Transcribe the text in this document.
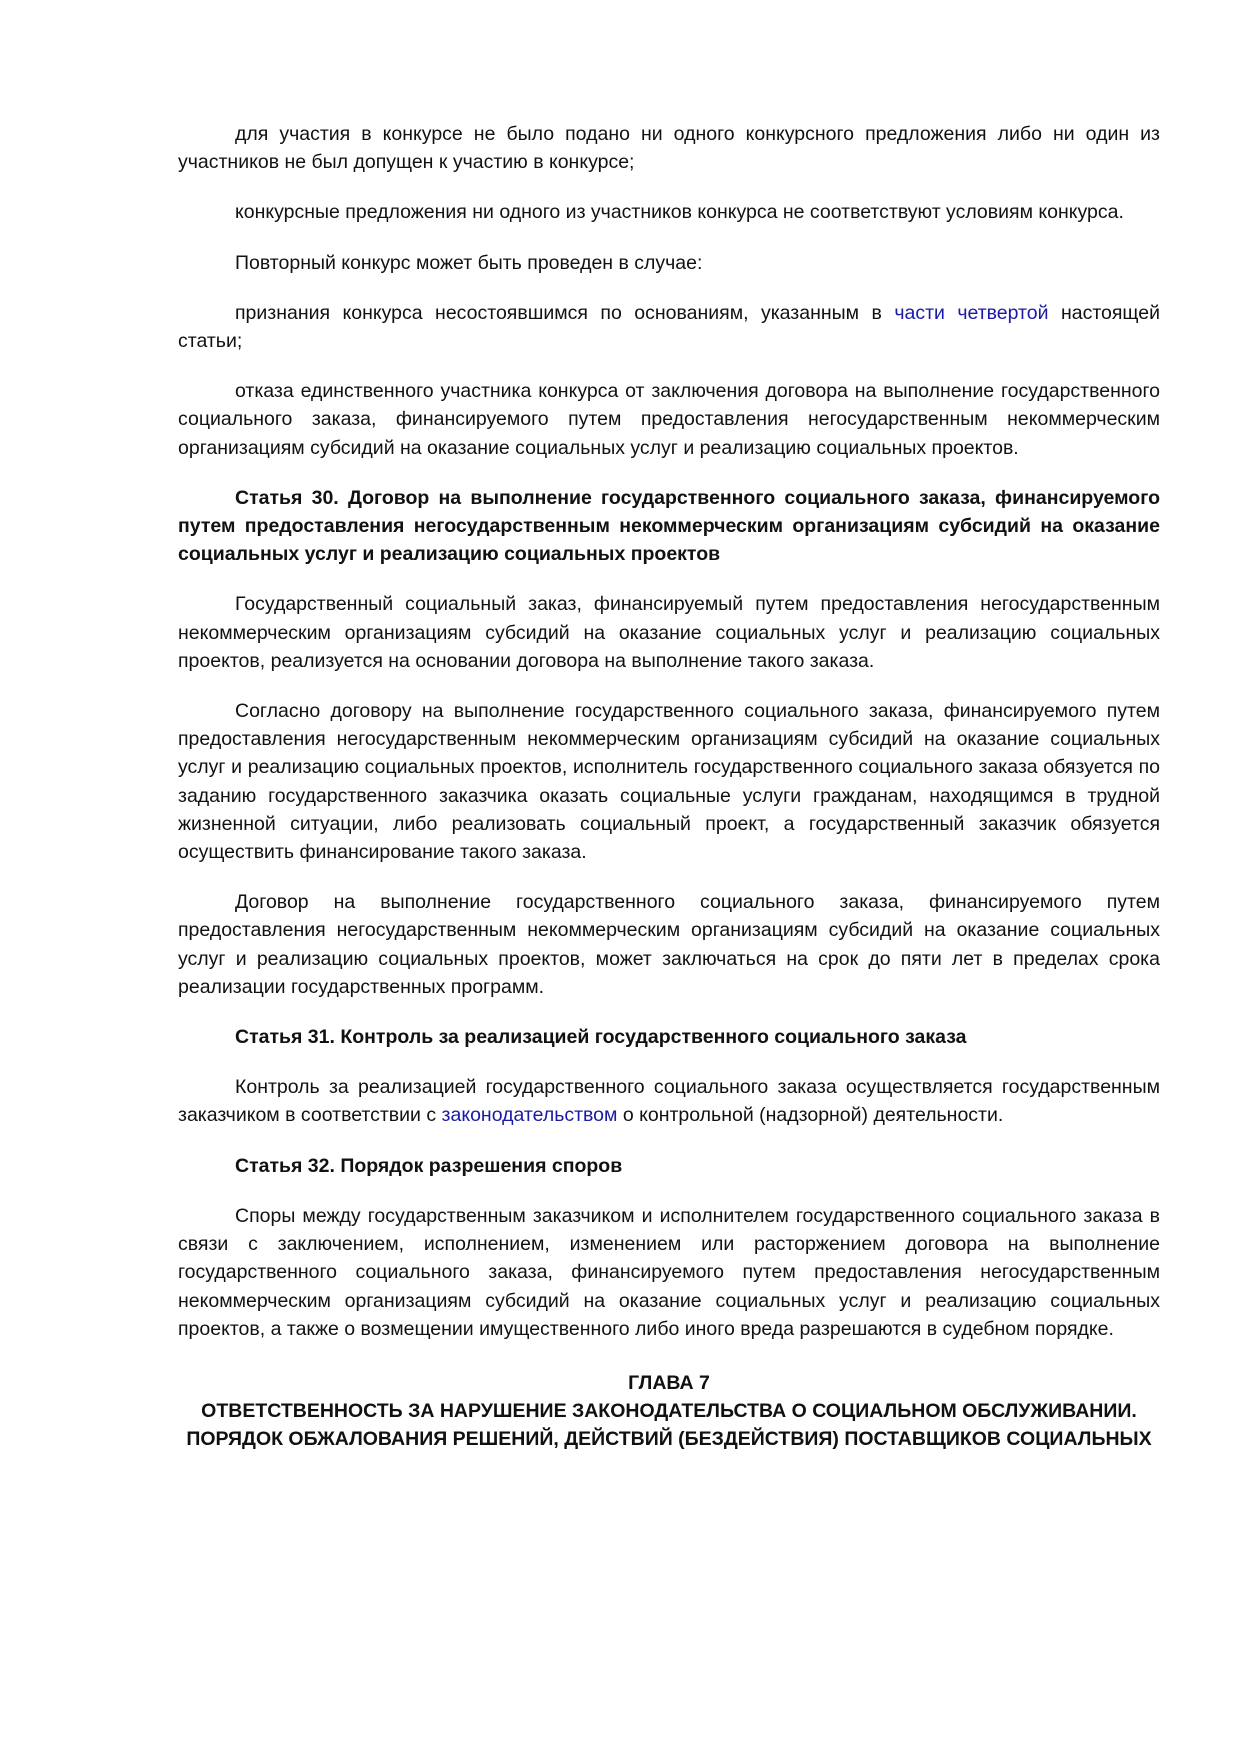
для участия в конкурсе не было подано ни одного конкурсного предложения либо ни один из участников не был допущен к участию в конкурсе;

конкурсные предложения ни одного из участников конкурса не соответствуют условиям конкурса.

Повторный конкурс может быть проведен в случае:

признания конкурса несостоявшимся по основаниям, указанным в части четвертой настоящей статьи;

отказа единственного участника конкурса от заключения договора на выполнение государственного социального заказа, финансируемого путем предоставления негосударственным некоммерческим организациям субсидий на оказание социальных услуг и реализацию социальных проектов.

Статья 30. Договор на выполнение государственного социального заказа, финансируемого путем предоставления негосударственным некоммерческим организациям субсидий на оказание социальных услуг и реализацию социальных проектов

Государственный социальный заказ, финансируемый путем предоставления негосударственным некоммерческим организациям субсидий на оказание социальных услуг и реализацию социальных проектов, реализуется на основании договора на выполнение такого заказа.

Согласно договору на выполнение государственного социального заказа, финансируемого путем предоставления негосударственным некоммерческим организациям субсидий на оказание социальных услуг и реализацию социальных проектов, исполнитель государственного социального заказа обязуется по заданию государственного заказчика оказать социальные услуги гражданам, находящимся в трудной жизненной ситуации, либо реализовать социальный проект, а государственный заказчик обязуется осуществить финансирование такого заказа.

Договор на выполнение государственного социального заказа, финансируемого путем предоставления негосударственным некоммерческим организациям субсидий на оказание социальных услуг и реализацию социальных проектов, может заключаться на срок до пяти лет в пределах срока реализации государственных программ.

Статья 31. Контроль за реализацией государственного социального заказа

Контроль за реализацией государственного социального заказа осуществляется государственным заказчиком в соответствии с законодательством о контрольной (надзорной) деятельности.

Статья 32. Порядок разрешения споров

Споры между государственным заказчиком и исполнителем государственного социального заказа в связи с заключением, исполнением, изменением или расторжением договора на выполнение государственного социального заказа, финансируемого путем предоставления негосударственным некоммерческим организациям субсидий на оказание социальных услуг и реализацию социальных проектов, а также о возмещении имущественного либо иного вреда разрешаются в судебном порядке.

ГЛАВА 7

ОТВЕТСТВЕННОСТЬ ЗА НАРУШЕНИЕ ЗАКОНОДАТЕЛЬСТВА О СОЦИАЛЬНОМ ОБСЛУЖИВАНИИ.

ПОРЯДОК ОБЖАЛОВАНИЯ РЕШЕНИЙ, ДЕЙСТВИЙ (БЕЗДЕЙСТВИЯ) ПОСТАВЩИКОВ СОЦИАЛЬНЫХ
